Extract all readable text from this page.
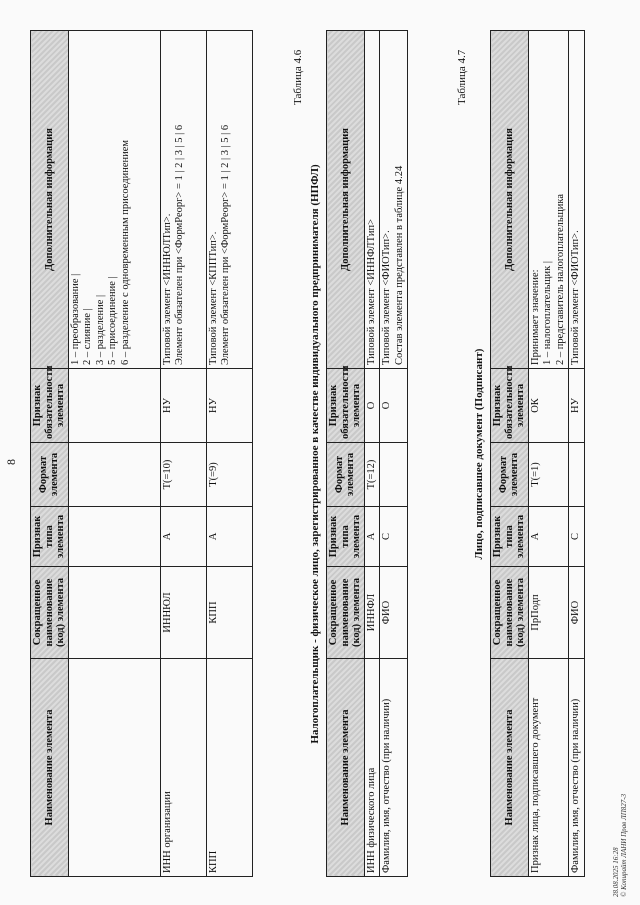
8
Наименование элемента	Сокращенное наименование (код) элемента	Признак типа элемента	Формат элемента	Признак обязательности элемента	Дополнительная информация
					1 – преобразование |
2 – слияние |
3 – разделение |
5 – присоединение |
6 – разделение с одновременным присоединением
ИНН организации	ИННЮЛ	А	T(=10)	НУ	Типовой элемент <ИННЮЛТип>.
Элемент обязателен при <ФормРеорг> = 1 | 2 | 3 | 5 | 6
КПП	КПП	А	T(=9)	НУ	Типовой элемент <КППТип>.
Элемент обязателен при <ФормРеорг> = 1 | 2 | 3 | 5 | 6
Таблица 4.6
Налогоплательщик - физическое лицо, зарегистрированное в качестве индивидуального предпринимателя (НПФЛ)
Наименование элемента	Сокращенное наименование (код) элемента	Признак типа элемента	Формат элемента	Признак обязательности элемента	Дополнительная информация
ИНН физического лица	ИННФЛ	А	T(=12)	О	Типовой элемент <ИННФЛТип>
Фамилия, имя, отчество (при наличии)	ФИО	С		О	Типовой элемент <ФИОТип>.
Состав элемента представлен в таблице 4.24
Таблица 4.7
Лицо, подписавшее документ (Подписант)
Наименование элемента	Сокращенное наименование (код) элемента	Признак типа элемента	Формат элемента	Признак обязательности элемента	Дополнительная информация
Признак лица, подписавшего документ	ПрПодп	А	T(=1)	ОК	Принимает значение:
1 – налогоплательщик |
2 – представитель налогоплательщика
Фамилия, имя, отчество (при наличии)	ФИО	С		НУ	Типовой элемент <ФИОТип>.
28.08.2025 16:28 © Копирайт ЛАНИ Прав ЛП827-3
